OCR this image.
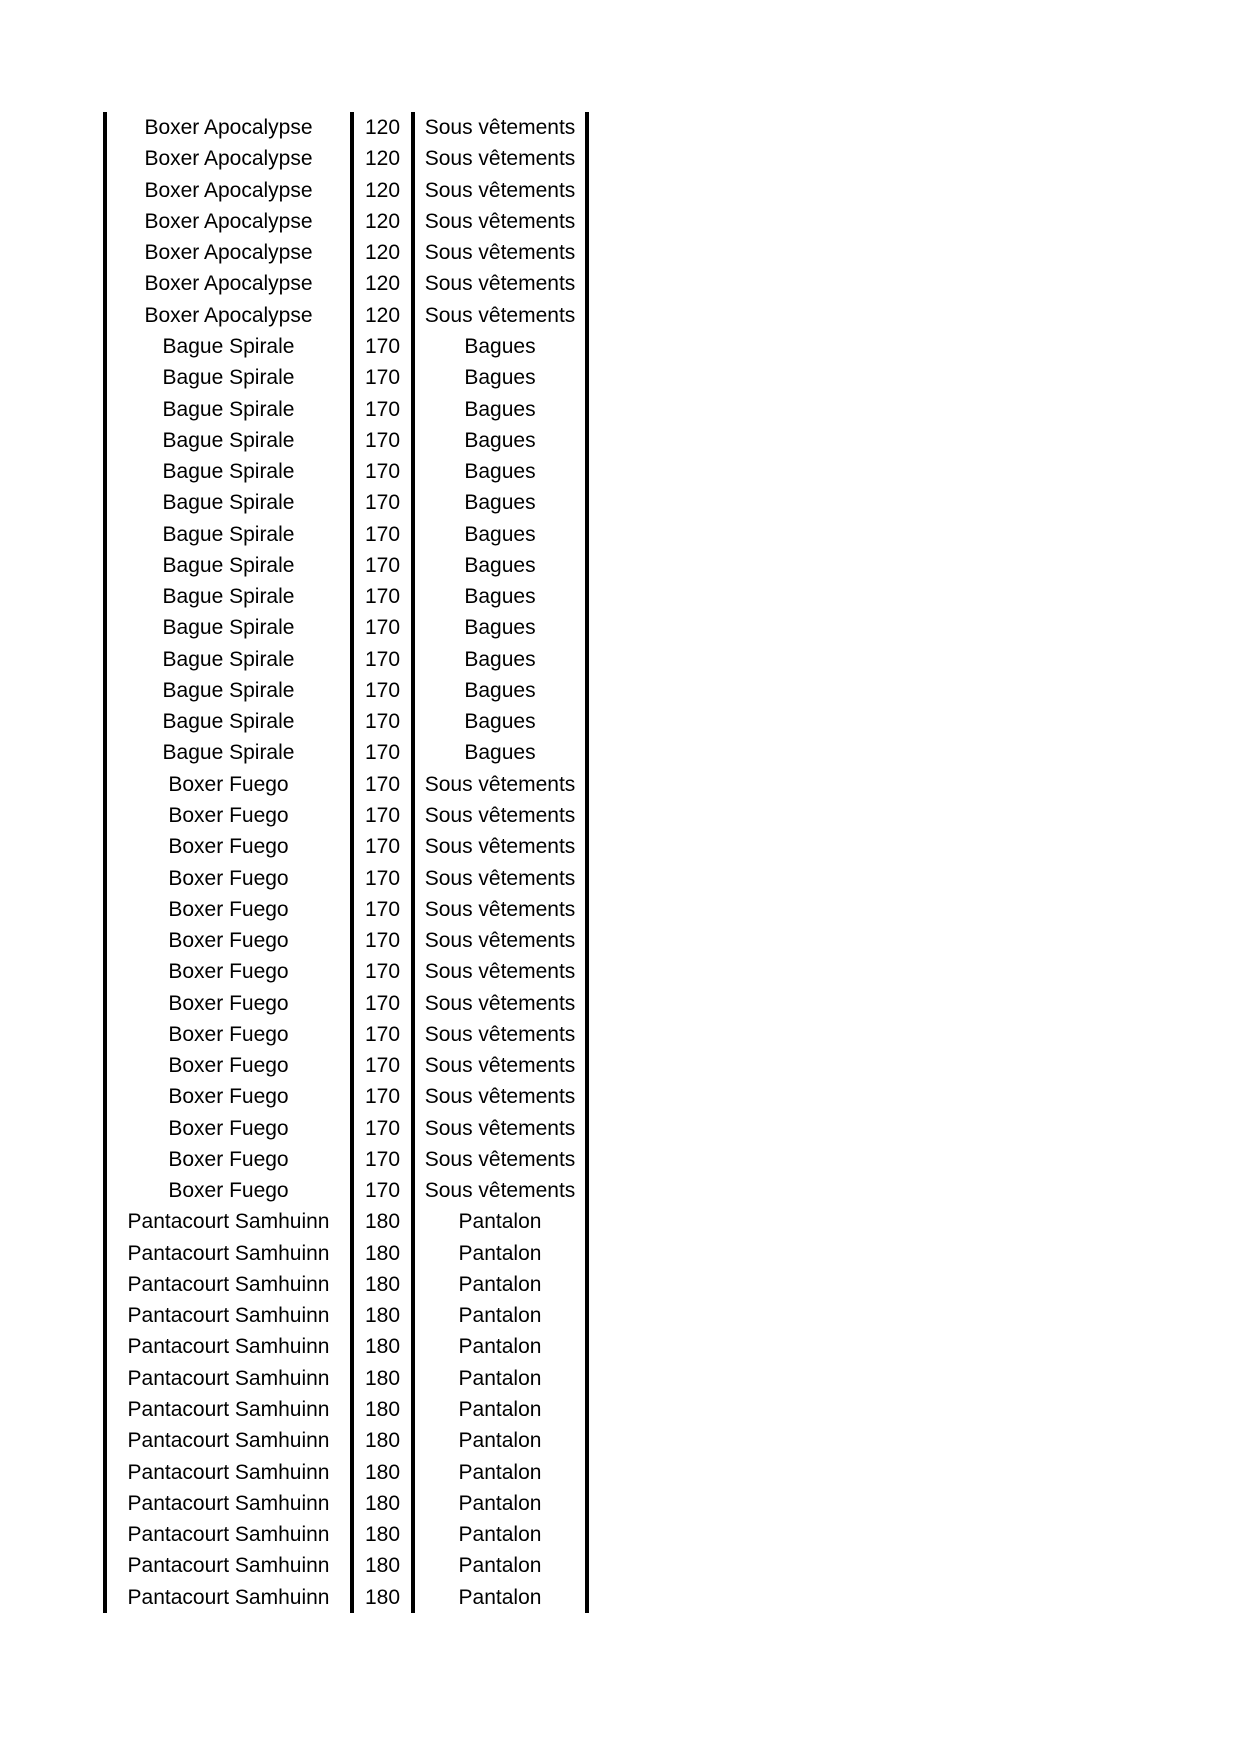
Boxer Apocalypse	120	Sous vêtements
Boxer Apocalypse	120	Sous vêtements
Boxer Apocalypse	120	Sous vêtements
Boxer Apocalypse	120	Sous vêtements
Boxer Apocalypse	120	Sous vêtements
Boxer Apocalypse	120	Sous vêtements
Boxer Apocalypse	120	Sous vêtements
Bague Spirale	170	Bagues
Bague Spirale	170	Bagues
Bague Spirale	170	Bagues
Bague Spirale	170	Bagues
Bague Spirale	170	Bagues
Bague Spirale	170	Bagues
Bague Spirale	170	Bagues
Bague Spirale	170	Bagues
Bague Spirale	170	Bagues
Bague Spirale	170	Bagues
Bague Spirale	170	Bagues
Bague Spirale	170	Bagues
Bague Spirale	170	Bagues
Bague Spirale	170	Bagues
Boxer Fuego	170	Sous vêtements
Boxer Fuego	170	Sous vêtements
Boxer Fuego	170	Sous vêtements
Boxer Fuego	170	Sous vêtements
Boxer Fuego	170	Sous vêtements
Boxer Fuego	170	Sous vêtements
Boxer Fuego	170	Sous vêtements
Boxer Fuego	170	Sous vêtements
Boxer Fuego	170	Sous vêtements
Boxer Fuego	170	Sous vêtements
Boxer Fuego	170	Sous vêtements
Boxer Fuego	170	Sous vêtements
Boxer Fuego	170	Sous vêtements
Boxer Fuego	170	Sous vêtements
Pantacourt Samhuinn	180	Pantalon
Pantacourt Samhuinn	180	Pantalon
Pantacourt Samhuinn	180	Pantalon
Pantacourt Samhuinn	180	Pantalon
Pantacourt Samhuinn	180	Pantalon
Pantacourt Samhuinn	180	Pantalon
Pantacourt Samhuinn	180	Pantalon
Pantacourt Samhuinn	180	Pantalon
Pantacourt Samhuinn	180	Pantalon
Pantacourt Samhuinn	180	Pantalon
Pantacourt Samhuinn	180	Pantalon
Pantacourt Samhuinn	180	Pantalon
Pantacourt Samhuinn	180	Pantalon
